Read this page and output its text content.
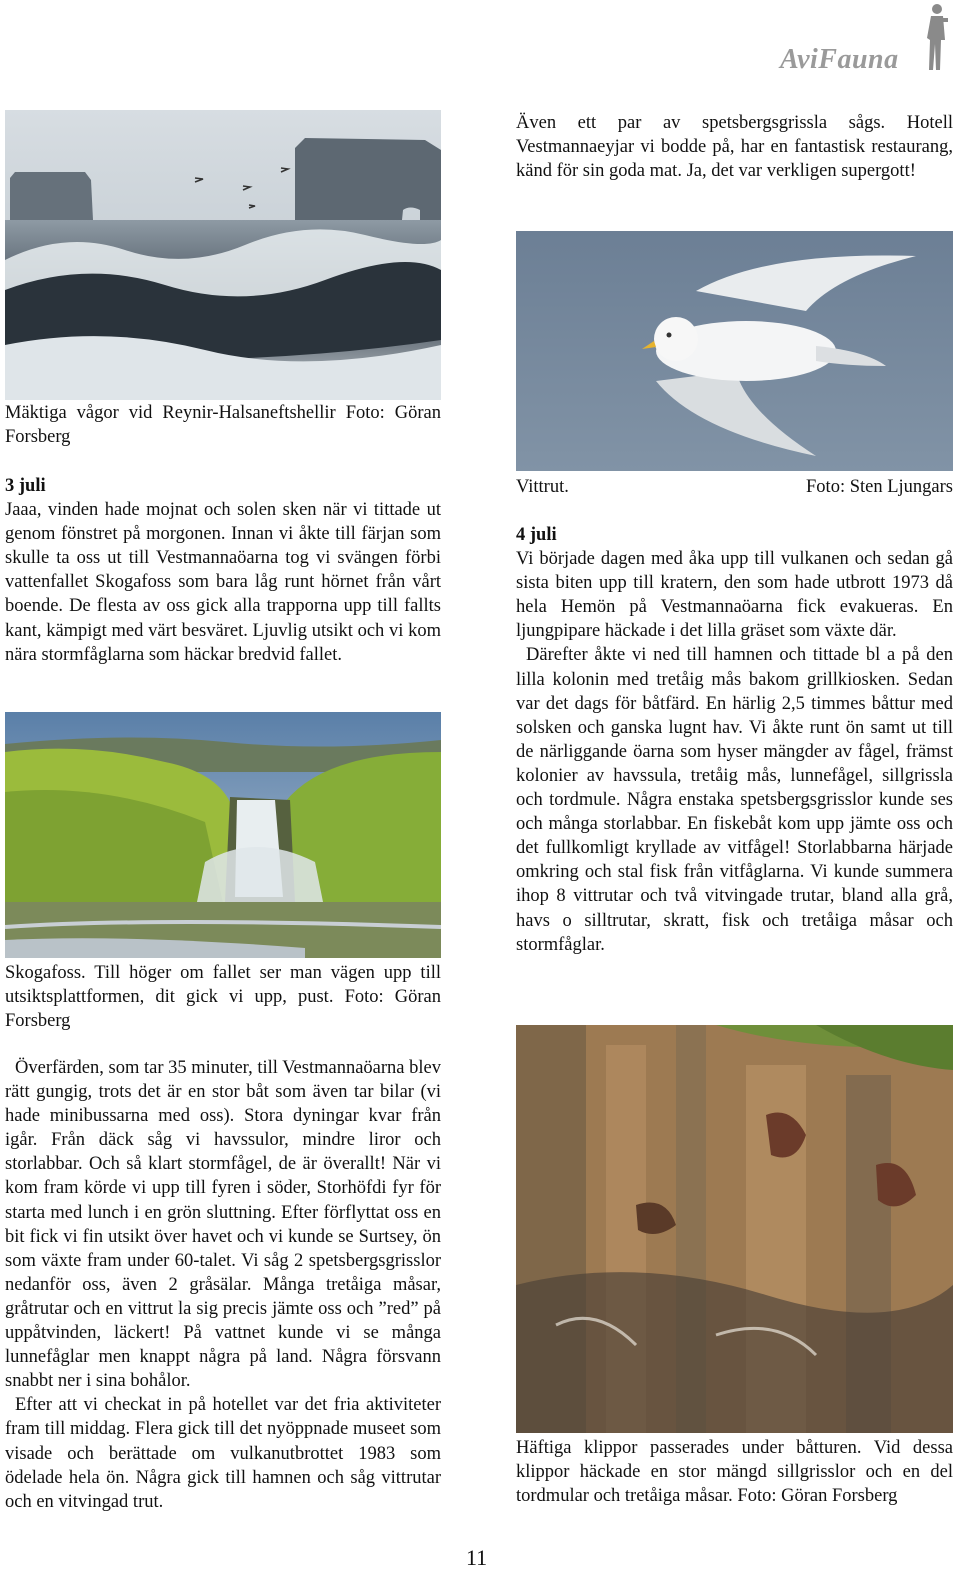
AviFauna

Mäktiga vågor vid Reynir-Halsaneftshellir Foto: Göran Forsberg

3 juli

Jaaa, vinden hade mojnat och solen sken när vi tittade ut genom fönstret på morgonen. Innan vi åkte till färjan som skulle ta oss ut till Vestmannaöarna tog vi svängen förbi vattenfallet Skogafoss som bara låg runt hörnet från vårt boende. De flesta av oss gick alla trapporna upp till fallts kant, kämpigt med värt besväret. Ljuvlig utsikt och vi kom nära stormfåglarna som häckar bredvid fallet.

Skogafoss. Till höger om fallet ser man vägen upp till utsiktsplattformen, dit gick vi upp, pust. Foto: Göran Forsberg

Överfärden, som tar 35 minuter, till Vestmannaöarna blev rätt gungig, trots det är en stor båt som även tar bilar (vi hade minibussarna med oss). Stora dyningar kvar från igår. Från däck såg vi havssulor, mindre liror och storlabbar. Och så klart stormfågel, de är överallt! När vi kom fram körde vi upp till fyren i söder, Storhöfdi fyr för starta med lunch i en grön sluttning. Efter förflyttat oss en bit fick vi fin utsikt över havet och vi kunde se Surtsey, ön som växte fram under 60-talet. Vi såg 2 spetsbergsgrisslor nedanför oss, även 2 gråsälar. Många tretåiga måsar, gråtrutar och en vittrut la sig precis jämte oss och ”red” på uppåtvinden, läckert! På vattnet kunde vi se många lunnefåglar men knappt några på land. Några försvann snabbt ner i sina bohålor.

Efter att vi checkat in på hotellet var det fria aktiviteter fram till middag. Flera gick till det nyöppnade museet som visade och berättade om vulkanutbrottet 1983 som ödelade hela ön. Några gick till hamnen och såg vittrutar och en vitvingad trut.

Även ett par av spetsbergsgrissla sågs. Hotell Vestmannaeyjar vi bodde på, har en fantastisk restaurang, känd för sin goda mat. Ja, det var verkligen supergott!

Vittrut.	Foto: Sten Ljungars

4 juli

Vi började dagen med åka upp till vulkanen och sedan gå sista biten upp till kratern, den som hade utbrott 1973 då hela Hemön på Vestmannaöarna fick evakueras. En ljungpipare häckade i det lilla gräset som växte där.

Därefter åkte vi ned till hamnen och tittade bl a på den lilla kolonin med tretåig mås bakom grillkiosken. Sedan var det dags för båtfärd. En härlig 2,5 timmes båttur med solsken och ganska lugnt hav. Vi åkte runt ön samt ut till de närliggande öarna som hyser mängder av fågel, främst kolonier av havssula, tretåig mås, lunnefågel, sillgrissla och tordmule. Några enstaka spetsbergsgrisslor kunde ses och många storlabbar. En fiskebåt kom upp jämte oss och det fullkomligt kryllade av vitfågel! Storlabbarna härjade omkring och stal fisk från vitfåglarna. Vi kunde summera ihop 8 vittrutar och två vitvingade trutar, bland alla grå, havs o silltrutar, skratt, fisk och tretåiga måsar och stormfåglar.

Häftiga klippor passerades under båtturen. Vid dessa klippor häckade en stor mängd sillgrisslor och en del tordmular och tretåiga måsar. Foto: Göran Forsberg

11
